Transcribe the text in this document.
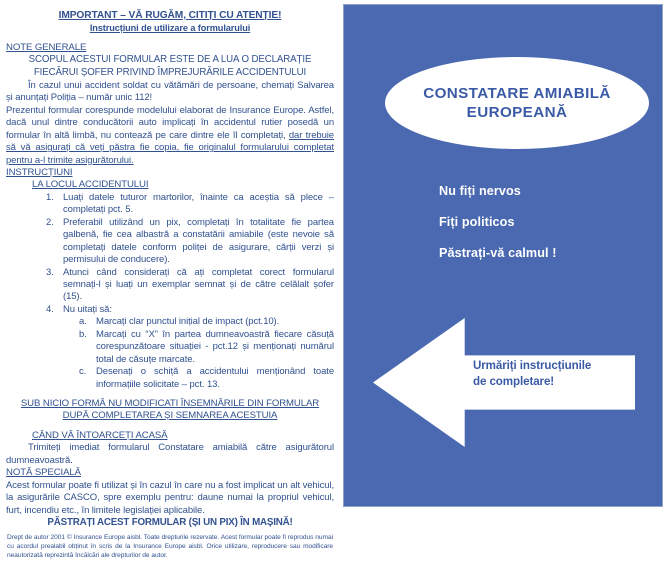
IMPORTANT – VĂ RUGĂM, CITIȚI CU ATENȚIE!
Instrucțiuni de utilizare a formularului
NOTE GENERALE
SCOPUL ACESTUI FORMULAR ESTE DE A LUA O DECLARAȚIE
FIECĂRUI ȘOFER PRIVIND ÎMPREJURĂRILE ACCIDENTULUI
În cazul unui accident soldat cu vătămări de persoane, chemați Salvarea și anunțați Poliția – număr unic 112!
Prezentul formular corespunde modelului elaborat de Insurance Europe. Astfel, dacă unul dintre conducătorii auto implicați în accidentul rutier posedă un formular în altă limbă, nu contează pe care dintre ele îl completați, dar trebuie să vă asigurați că veți păstra fie copia, fie originalul formularului completat pentru a-l trimite asigurătorului.
INSTRUCȚIUNI
LA LOCUL ACCIDENTULUI
1. Luați datele tuturor martorilor, înainte ca aceștia să plece – completați pct. 5.
2. Preferabil utilizând un pix, completați în totalitate fie partea galbenă, fie cea albastră a constatării amiabile (este nevoie să completați datele conform poliței de asigurare, cărții verzi și permisului de conducere).
3. Atunci când considerați că ați completat corect formularul semnați-l și luați un exemplar semnat și de către celălalt șofer (15).
4. Nu uitați să:
a. Marcați clar punctul inițial de impact (pct.10).
b. Marcați cu “X” în partea dumneavoastră fiecare căsuță corespunzătoare situației - pct.12 și menționați numărul total de căsuțe marcate.
c.	Desenați o schiță a accidentului menționând toate informațiile solicitate – pct. 13.
SUB NICIO FORMĂ NU MODIFICATI ÎNSEMNĂRILE DIN FORMULAR
DUPĂ COMPLETAREA ȘI SEMNAREA ACESTUIA
CÂND VĂ ÎNTOARCEȚI ACASĂ
Trimiteți imediat formularul Constatare amiabilă către asigurătorul dumneavoastră.
NOTĂ SPECIALĂ
Acest formular poate fi utilizat și în cazul în care nu a fost implicat un alt vehicul, la asigurările CASCO, spre exemplu pentru: daune numai la propriul vehicul, furt, incendiu etc., în limitele legislației aplicabile.
PĂSTRAȚI ACEST FORMULAR (ȘI UN PIX) ÎN MAȘINĂ!
Drept de autor 2001 © Insurance Europe aisbl. Toate drepturile rezervate. Acest formular poate fi reprodus numai cu acordul prealabil obținut în scris de la Insurance Europe aisbl. Orice utilizare, reproducere sau modificare neautorizată reprezintă încălcări ale drepturilor de autor.
CONSTATARE AMIABILĂ
EUROPEANĂ
Nu fiți nervos
Fiți politicos
Păstrați-vă calmul !
Urmăriți instrucțiunile
de completare!
